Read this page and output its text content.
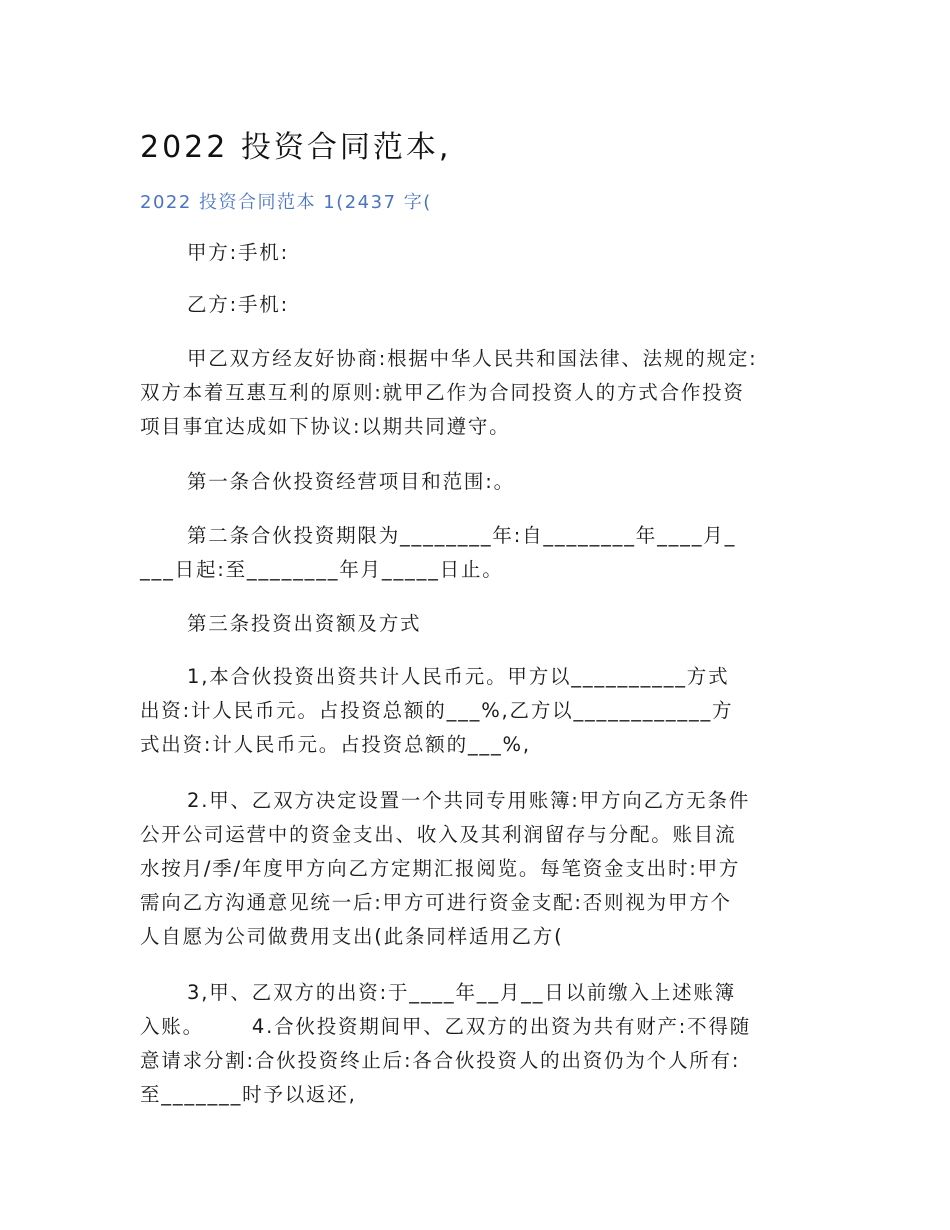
2022 投资合同范本,
2022 投资合同范本 1(2437 字(

甲方:手机:

乙方:手机:

甲乙双方经友好协商:根据中华人民共和国法律、法规的规定:
双方本着互惠互利的原则:就甲乙作为合同投资人的方式合作投资
项目事宜达成如下协议:以期共同遵守。

第一条合伙投资经营项目和范围:。

第二条合伙投资期限为________年:自________年____月_
___日起:至________年月_____日止。

第三条投资出资额及方式

1,本合伙投资出资共计人民币元。甲方以__________方式
出资:计人民币元。占投资总额的___%,乙方以____________方
式出资:计人民币元。占投资总额的___%,

2.甲、乙双方决定设置一个共同专用账簿:甲方向乙方无条件
公开公司运营中的资金支出、收入及其利润留存与分配。账目流
水按月/季/年度甲方向乙方定期汇报阅览。每笔资金支出时:甲方
需向乙方沟通意见统一后:甲方可进行资金支配:否则视为甲方个
人自愿为公司做费用支出(此条同样适用乙方(

3,甲、乙双方的出资:于____年__月__日以前缴入上述账簿
入账。 4.合伙投资期间甲、乙双方的出资为共有财产:不得随
意请求分割:合伙投资终止后:各合伙投资人的出资仍为个人所有:
至_______时予以返还,
